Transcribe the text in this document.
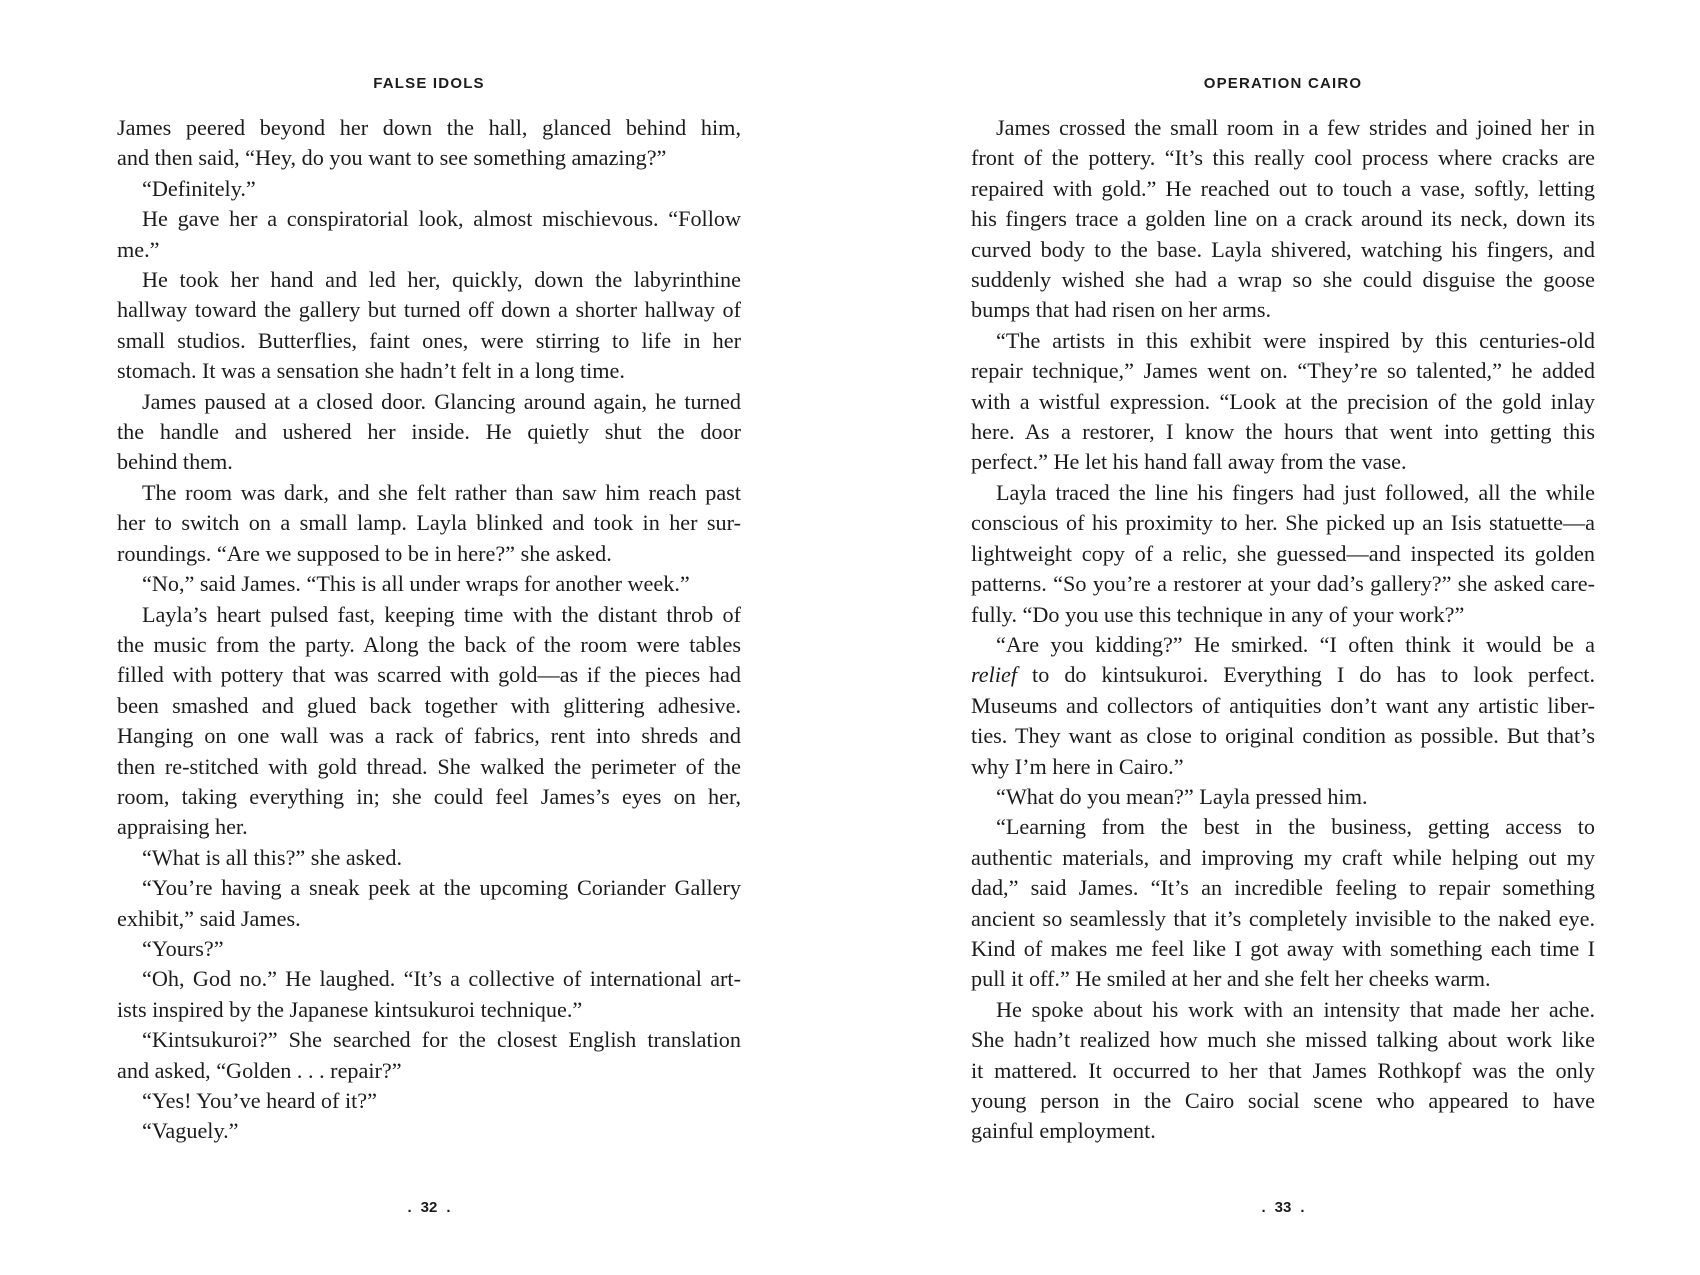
FALSE IDOLS
James peered beyond her down the hall, glanced behind him,
and then said, “Hey, do you want to see something amazing?”
“Definitely.”
He gave her a conspiratorial look, almost mischievous. “Follow
me.”
He took her hand and led her, quickly, down the labyrinthine
hallway toward the gallery but turned off down a shorter hallway of
small studios. Butterflies, faint ones, were stirring to life in her
stomach. It was a sensation she hadn’t felt in a long time.
James paused at a closed door. Glancing around again, he turned
the handle and ushered her inside. He quietly shut the door
behind them.
The room was dark, and she felt rather than saw him reach past
her to switch on a small lamp. Layla blinked and took in her sur-
roundings. “Are we supposed to be in here?” she asked.
“No,” said James. “This is all under wraps for another week.”
Layla’s heart pulsed fast, keeping time with the distant throb of
the music from the party. Along the back of the room were tables
filled with pottery that was scarred with gold—as if the pieces had
been smashed and glued back together with glittering adhesive.
Hanging on one wall was a rack of fabrics, rent into shreds and
then re-stitched with gold thread. She walked the perimeter of the
room, taking everything in; she could feel James’s eyes on her,
appraising her.
“What is all this?” she asked.
“You’re having a sneak peek at the upcoming Coriander Gallery
exhibit,” said James.
“Yours?”
“Oh, God no.” He laughed. “It’s a collective of international art-
ists inspired by the Japanese kintsukuroi technique.”
“Kintsukuroi?” She searched for the closest English translation
and asked, “Golden . . . repair?”
“Yes! You’ve heard of it?”
“Vaguely.”
. 32 .
OPERATION CAIRO
James crossed the small room in a few strides and joined her in
front of the pottery. “It’s this really cool process where cracks are
repaired with gold.” He reached out to touch a vase, softly, letting
his fingers trace a golden line on a crack around its neck, down its
curved body to the base. Layla shivered, watching his fingers, and
suddenly wished she had a wrap so she could disguise the goose
bumps that had risen on her arms.
“The artists in this exhibit were inspired by this centuries-old
repair technique,” James went on. “They’re so talented,” he added
with a wistful expression. “Look at the precision of the gold inlay
here. As a restorer, I know the hours that went into getting this
perfect.” He let his hand fall away from the vase.
Layla traced the line his fingers had just followed, all the while
conscious of his proximity to her. She picked up an Isis statuette—a
lightweight copy of a relic, she guessed—and inspected its golden
patterns. “So you’re a restorer at your dad’s gallery?” she asked care-
fully. “Do you use this technique in any of your work?”
“Are you kidding?” He smirked. “I often think it would be a
relief to do kintsukuroi. Everything I do has to look perfect.
Museums and collectors of antiquities don’t want any artistic liber-
ties. They want as close to original condition as possible. But that’s
why I’m here in Cairo.”
“What do you mean?” Layla pressed him.
“Learning from the best in the business, getting access to
authentic materials, and improving my craft while helping out my
dad,” said James. “It’s an incredible feeling to repair something
ancient so seamlessly that it’s completely invisible to the naked eye.
Kind of makes me feel like I got away with something each time I
pull it off.” He smiled at her and she felt her cheeks warm.
He spoke about his work with an intensity that made her ache.
She hadn’t realized how much she missed talking about work like
it mattered. It occurred to her that James Rothkopf was the only
young person in the Cairo social scene who appeared to have
gainful employment.
. 33 .
